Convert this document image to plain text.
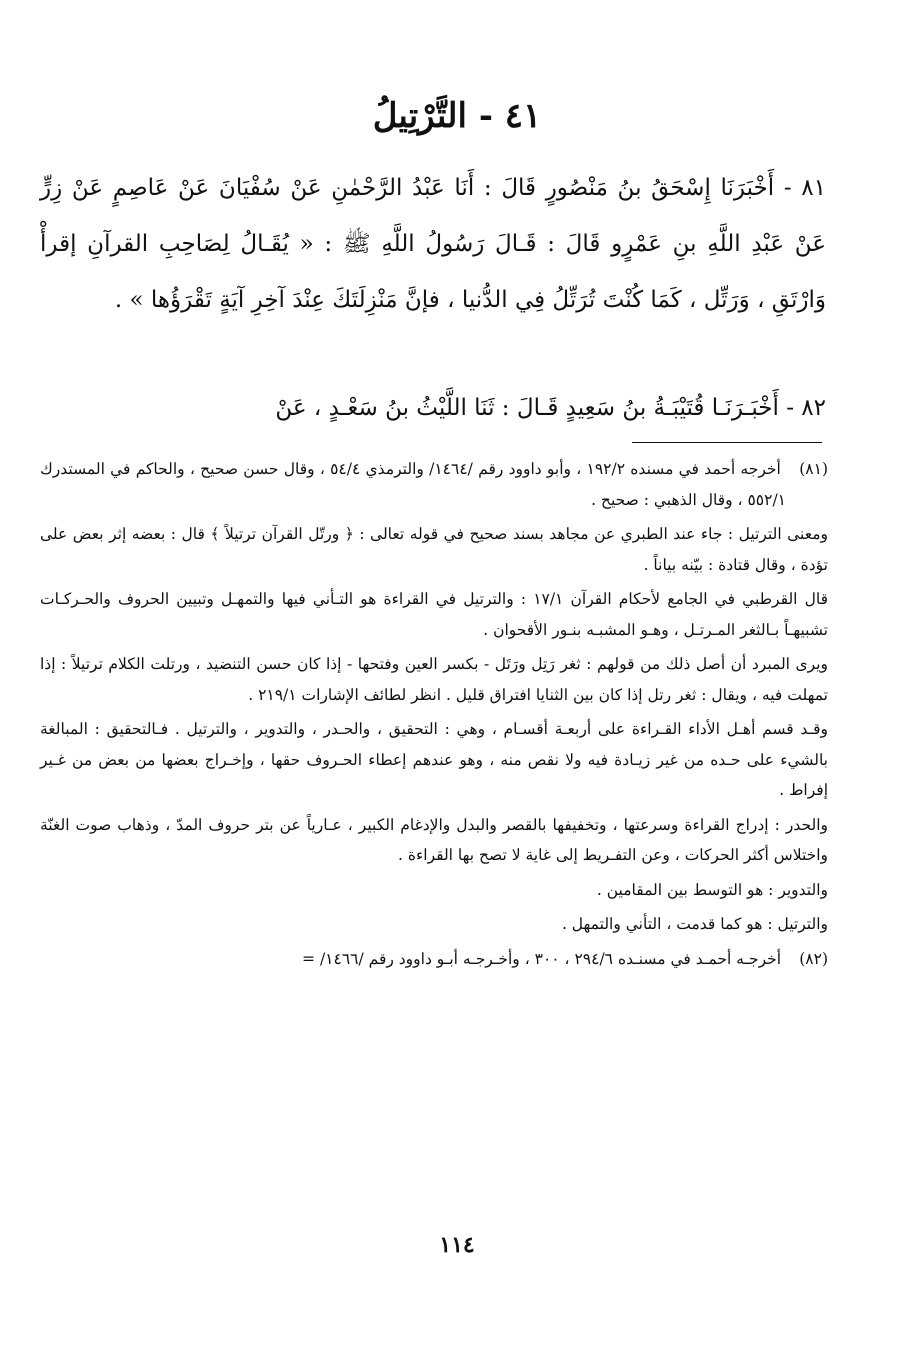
٤١ - التَّرْتِيلُ

٨١ - أَخْبَرَنَا إِسْحَقُ بنُ مَنْصُورٍ قَالَ : أَنَا عَبْدُ الرَّحْمٰنِ عَنْ سُفْيَانَ عَنْ عَاصِمٍ عَنْ زِرٍّ عَنْ عَبْدِ اللَّهِ بنِ عَمْرٍو قَالَ : قَـالَ رَسُولُ اللَّهِ ﷺ : « يُقَـالُ لِصَاحِبِ القرآنِ إقرأْ وَارْتَقِ ، وَرَتِّل ، كَمَا كُنْتَ تُرَتِّلُ فِي الدُّنيا ، فإنَّ مَنْزِلَتَكَ عِنْدَ آخِرِ آيَةٍ تَقْرَؤُها » .

٨٢ - أَخْبَـرَنَـا قُتَيْبَـةُ بنُ سَعِيدٍ قَـالَ : ثَنَا اللَّيْثُ بنُ سَعْـدٍ ، عَنْ

(٨١) أخرجه أحمد في مسنده ١٩٢/٢ ، وأبو داوود رقم /١٤٦٤/ والترمذي ٥٤/٤ ، وقال حسن صحيح ، والحاكم في المستدرك ٥٥٢/١ ، وقال الذهبي : صحيح .

ومعنى الترتيل : جاء عند الطبري عن مجاهد بسند صحيح في قوله تعالى : ﴿ ورتّل القرآن ترتيلاً ﴾ قال : بعضه إثر بعض على تؤدة ، وقال قتادة : بيّنه بياناً .

قال القرطبي في الجامع لأحكام القرآن ١٧/١ : والترتيل في القراءة هو التـأني فيها والتمهـل وتبيين الحروف والحـركـات تشبيهـاً بـالثغر المـرتـل ، وهـو المشبـه بنـور الأقحوان .

ويرى المبرد أن أصل ذلك من قولهم : ثغر رَتِل ورَتَل - بكسر العين وفتحها - إذا كان حسن التنضيد ، ورتلت الكلام ترتيلاً : إذا تمهلت فيه ، ويقال : ثغر رتل إذا كان بين الثنايا افتراق قليل . انظر لطائف الإشارات ٢١٩/١ .

وقـد قسم أهـل الأداء القـراءة على أربعـة أقسـام ، وهي : التحقيق ، والحـدر ، والتدوير ، والترتيل . فـالتحقيق : المبالغة بالشيء على حـده من غير زيـادة فيه ولا نقص منه ، وهو عندهم إعطاء الحـروف حقها ، وإخـراج بعضها من بعض من غـير إفراط .

والحدر : إدراج القراءة وسرعتها ، وتخفيفها بالقصر والبدل والإدغام الكبير ، عـارياً عن بتر حروف المدّ ، وذهاب صوت الغنّة واختلاس أكثر الحركات ، وعن التفـريط إلى غاية لا تصح بها القراءة .

والتدوير : هو التوسط بين المقامين .

والترتيل : هو كما قدمت ، التأني والتمهل .

(٨٢) أخرجـه أحمـد في مسنـده ٢٩٤/٦ ، ٣٠٠ ، وأخـرجـه أبـو داوود رقم /١٤٦٦/ =

١١٤
